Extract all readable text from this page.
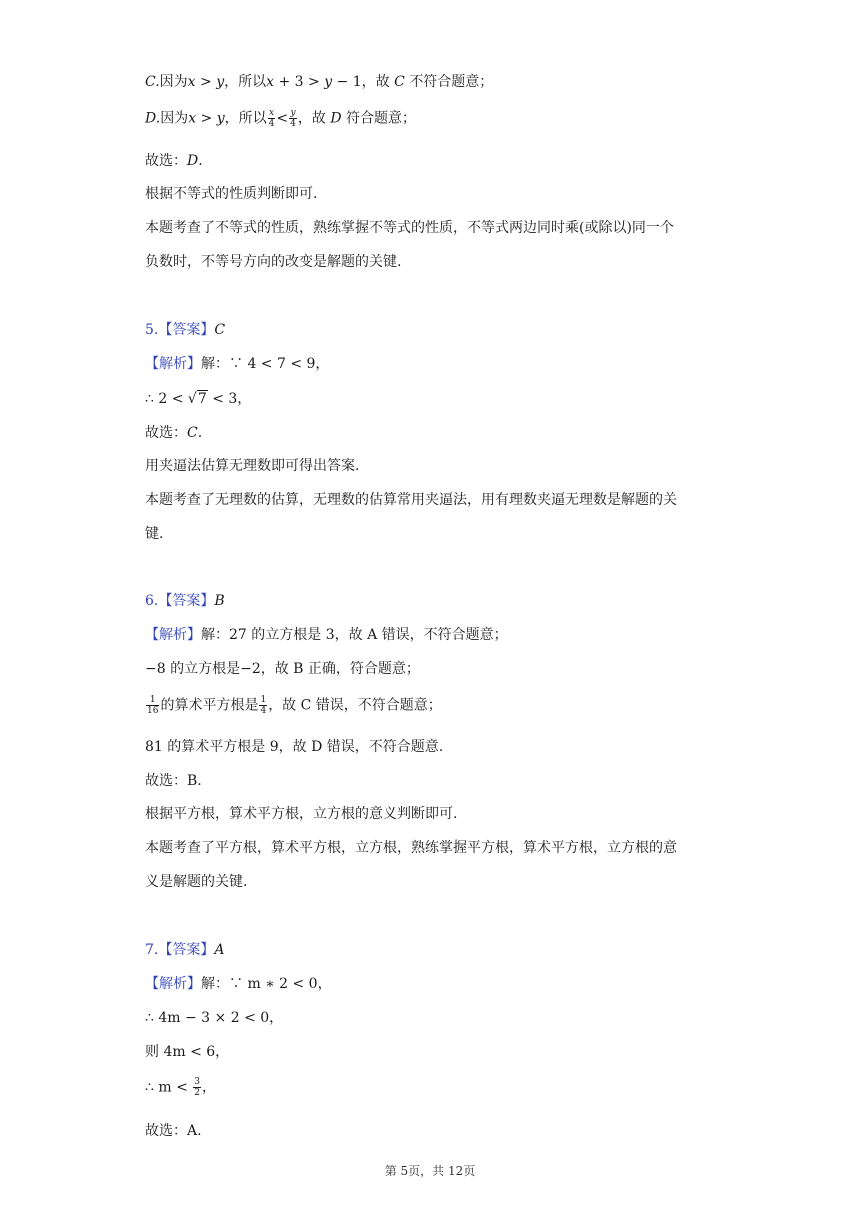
C.因为x > y，所以x + 3 > y − 1，故 C 不符合题意；
D.因为x > y，所以 $\frac{x}{4} < \frac{y}{4}$ ，故 D 符合题意；
故选：D.
根据不等式的性质判断即可.
本题考查了不等式的性质，熟练掌握不等式的性质，不等式两边同时乘(或除以)同一个
负数时，不等号方向的改变是解题的关键.
5.【答案】C
【解析】解：∵ 4 < 7 < 9，
∴ 2 < √7 < 3，
故选：C.
用夹逼法估算无理数即可得出答案.
本题考查了无理数的估算，无理数的估算常用夹逼法，用有理数夹逼无理数是解题的关
键.
6.【答案】B
【解析】解：27 的立方根是 3，故 A 错误，不符合题意；
−8 的立方根是−2，故 B 正确，符合题意；
$\frac{1}{16}$ 的算术平方根是 $\frac{1}{4}$ ，故 C 错误，不符合题意；
81 的算术平方根是 9，故 D 错误，不符合题意.
故选：B.
根据平方根，算术平方根，立方根的意义判断即可.
本题考查了平方根，算术平方根，立方根，熟练掌握平方根，算术平方根，立方根的意
义是解题的关键.
7.【答案】A
【解析】解：∵ m ∗ 2 < 0，
∴ 4m − 3 × 2 < 0，
则 4m < 6，
∴ $m < \frac{3}{2}$ ，
故选：A.
第 5页，共 12页
